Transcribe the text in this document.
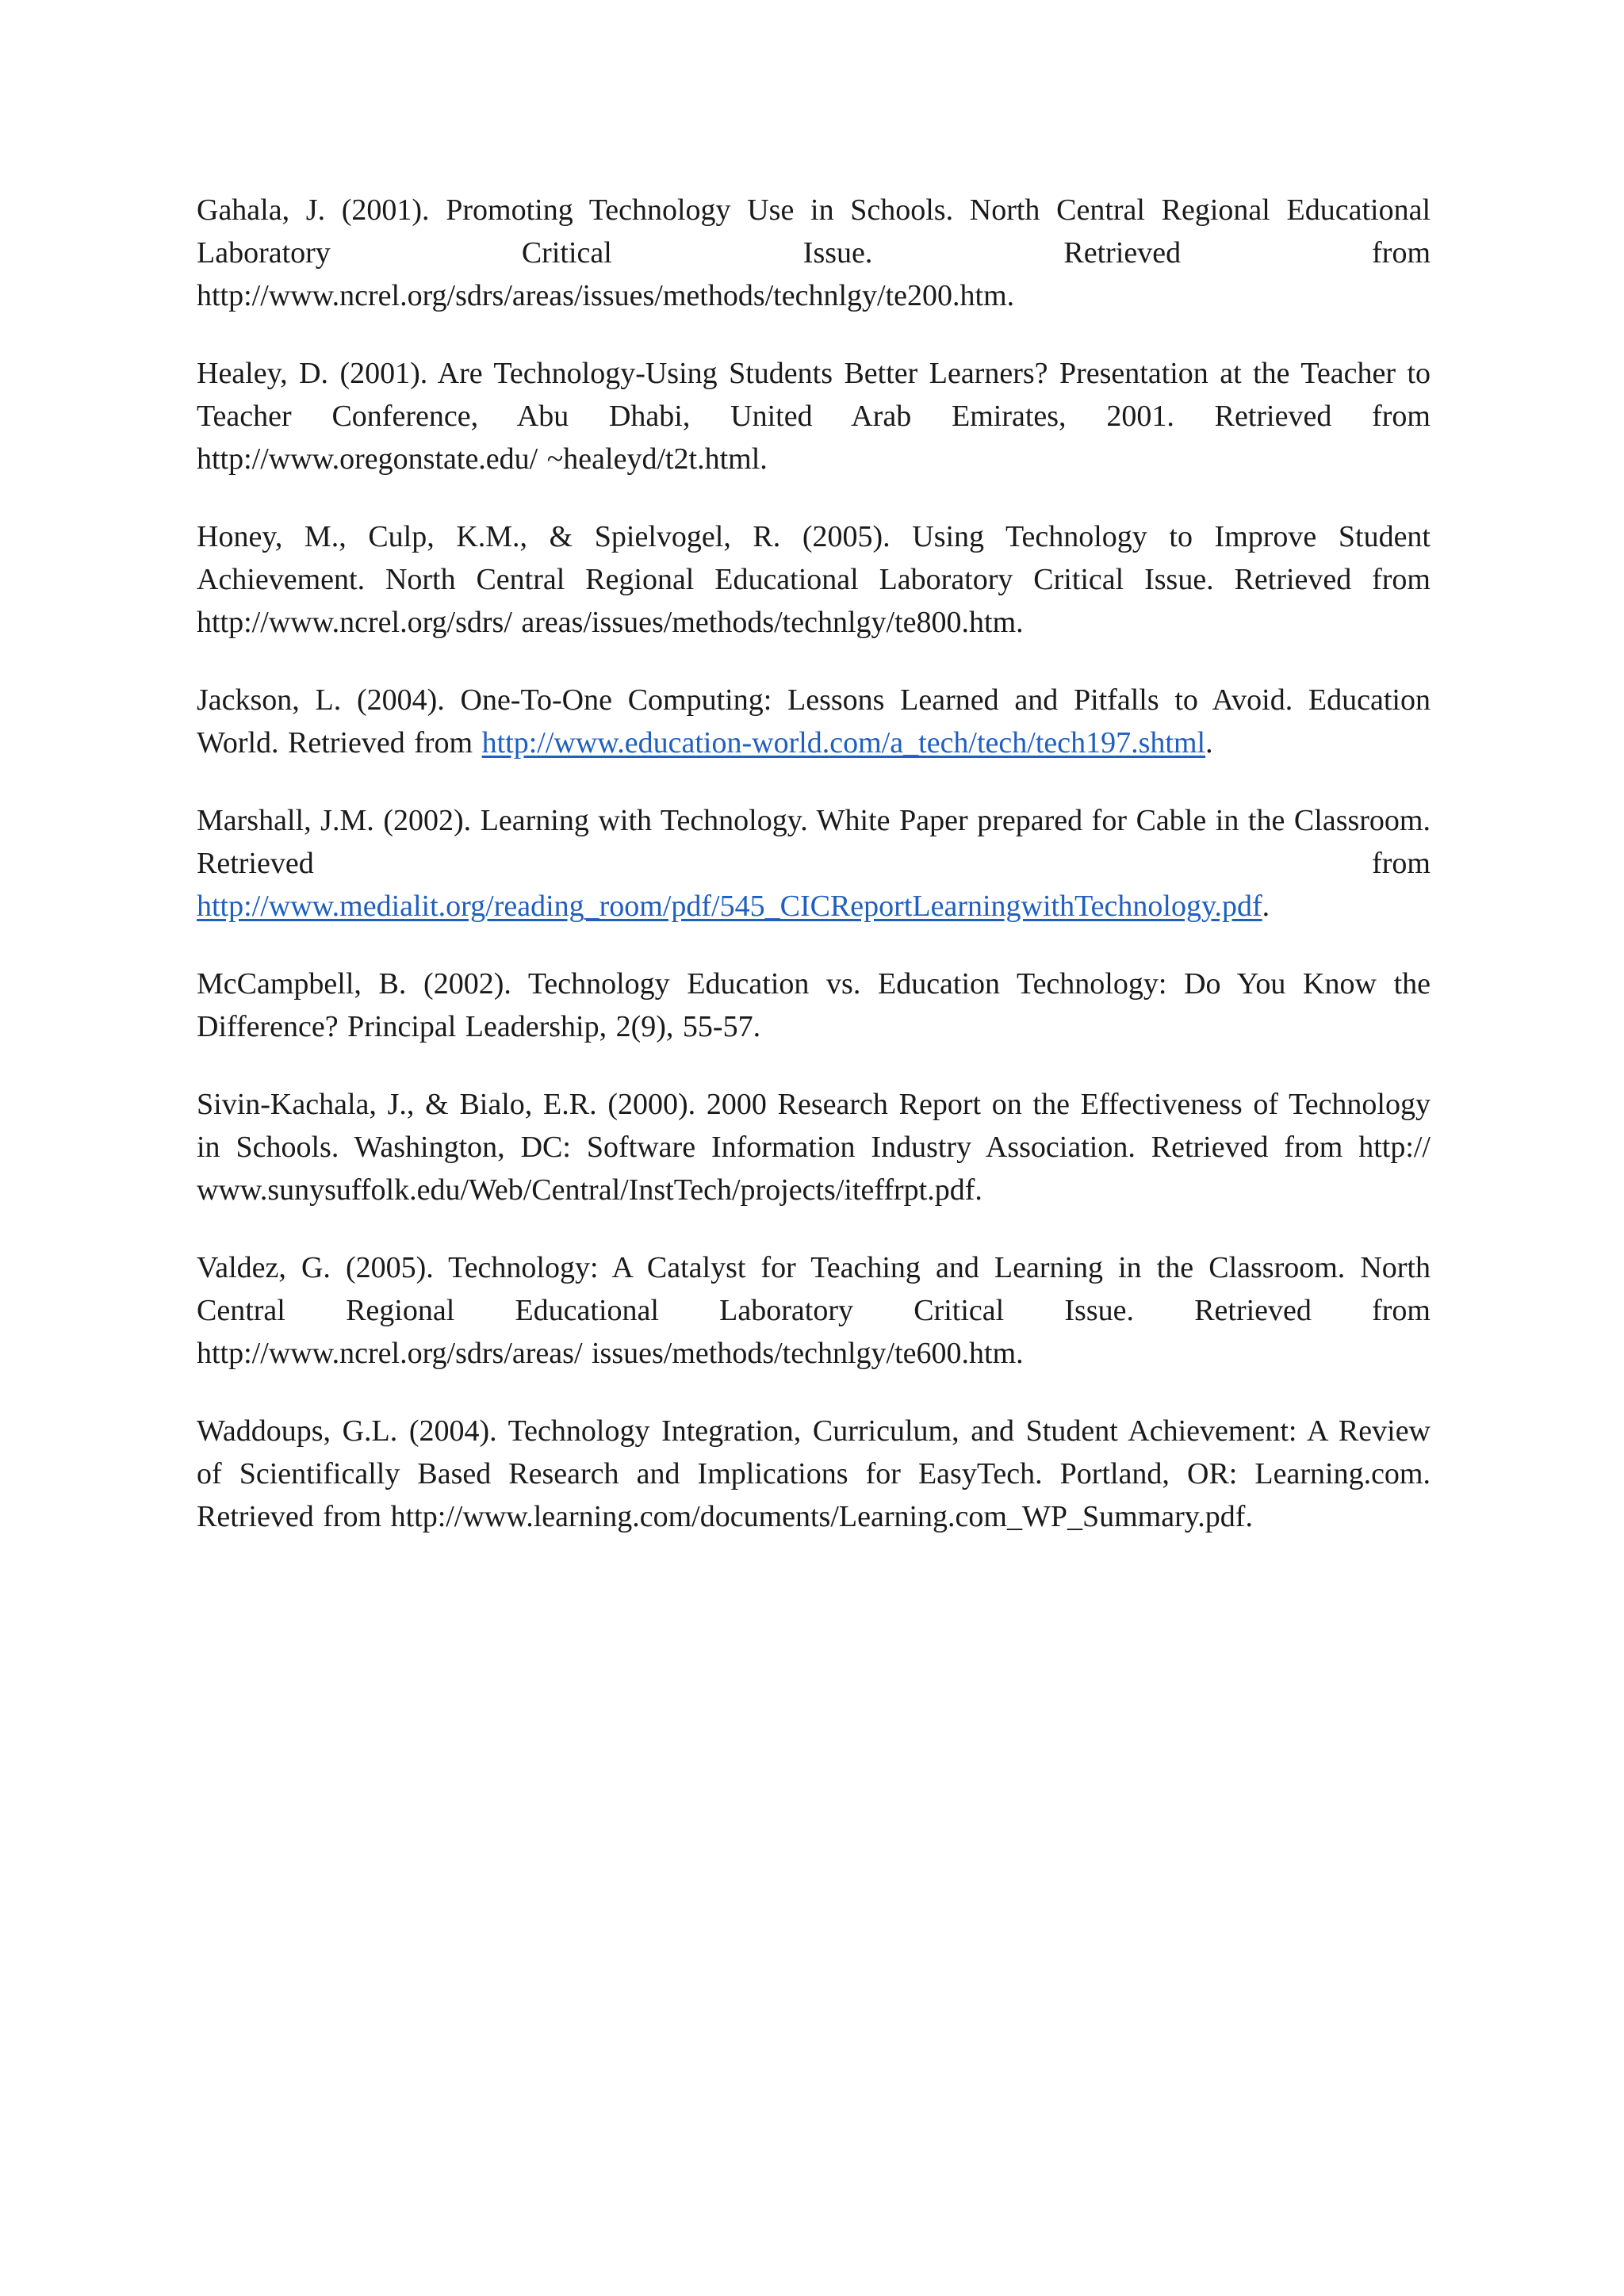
Gahala, J. (2001). Promoting Technology Use in Schools. North Central Regional Educational Laboratory Critical Issue. Retrieved from http://www.ncrel.org/sdrs/areas/issues/methods/technlgy/te200.htm.

Healey, D. (2001). Are Technology-Using Students Better Learners? Presentation at the Teacher to Teacher Conference, Abu Dhabi, United Arab Emirates, 2001. Retrieved from http://www.oregonstate.edu/ ~healeyd/t2t.html.

Honey, M., Culp, K.M., & Spielvogel, R. (2005). Using Technology to Improve Student Achievement. North Central Regional Educational Laboratory Critical Issue. Retrieved from http://www.ncrel.org/sdrs/ areas/issues/methods/technlgy/te800.htm.

Jackson, L. (2004). One-To-One Computing: Lessons Learned and Pitfalls to Avoid. Education World. Retrieved from http://www.education-world.com/a_tech/tech/tech197.shtml.

Marshall, J.M. (2002). Learning with Technology. White Paper prepared for Cable in the Classroom. Retrieved from http://www.medialit.org/reading_room/pdf/545_CICReportLearningwithTechnology.pdf.

McCampbell, B. (2002). Technology Education vs. Education Technology: Do You Know the Difference? Principal Leadership, 2(9), 55-57.

Sivin-Kachala, J., & Bialo, E.R. (2000). 2000 Research Report on the Effectiveness of Technology in Schools. Washington, DC: Software Information Industry Association. Retrieved from http:// www.sunysuffolk.edu/Web/Central/InstTech/projects/iteffrpt.pdf.

Valdez, G. (2005). Technology: A Catalyst for Teaching and Learning in the Classroom. North Central Regional Educational Laboratory Critical Issue. Retrieved from http://www.ncrel.org/sdrs/areas/ issues/methods/technlgy/te600.htm.

Waddoups, G.L. (2004). Technology Integration, Curriculum, and Student Achievement: A Review of Scientifically Based Research and Implications for EasyTech. Portland, OR: Learning.com. Retrieved from http://www.learning.com/documents/Learning.com_WP_Summary.pdf.
